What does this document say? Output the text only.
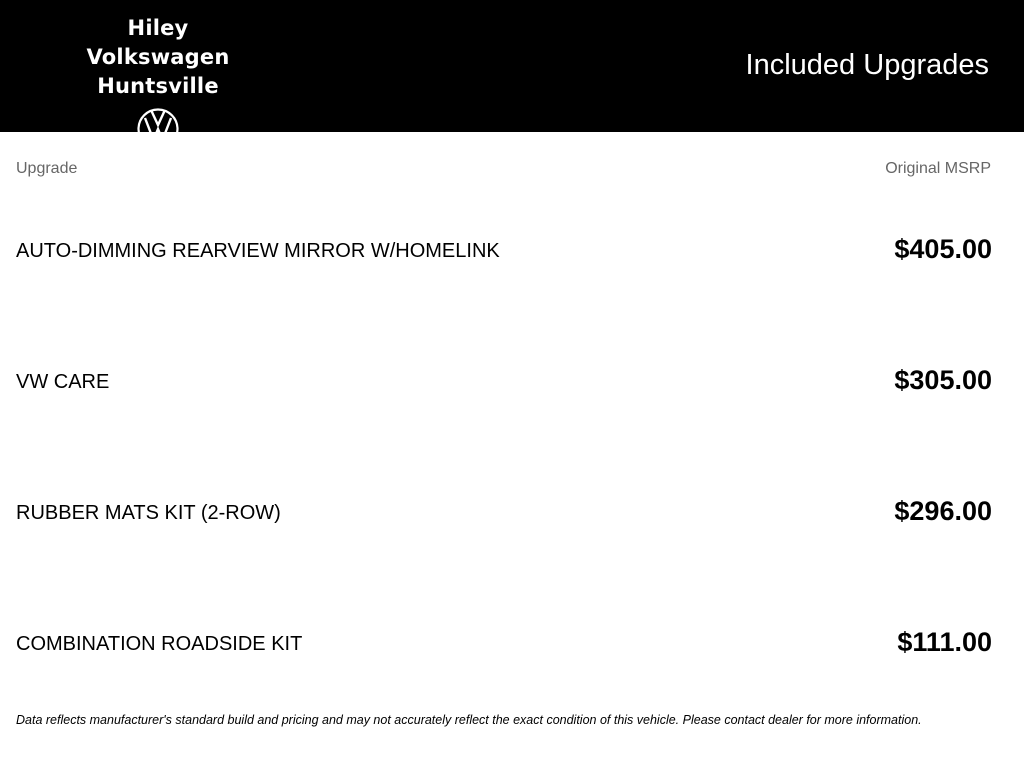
Hiley Volkswagen
Huntsville
Included Upgrades
Upgrade	Original MSRP
AUTO-DIMMING REARVIEW MIRROR W/HOMELINK	$405.00
VW CARE	$305.00
RUBBER MATS KIT (2-ROW)	$296.00
COMBINATION ROADSIDE KIT	$111.00
Data reflects manufacturer's standard build and pricing and may not accurately reflect the exact condition of this vehicle. Please contact dealer for more information.
